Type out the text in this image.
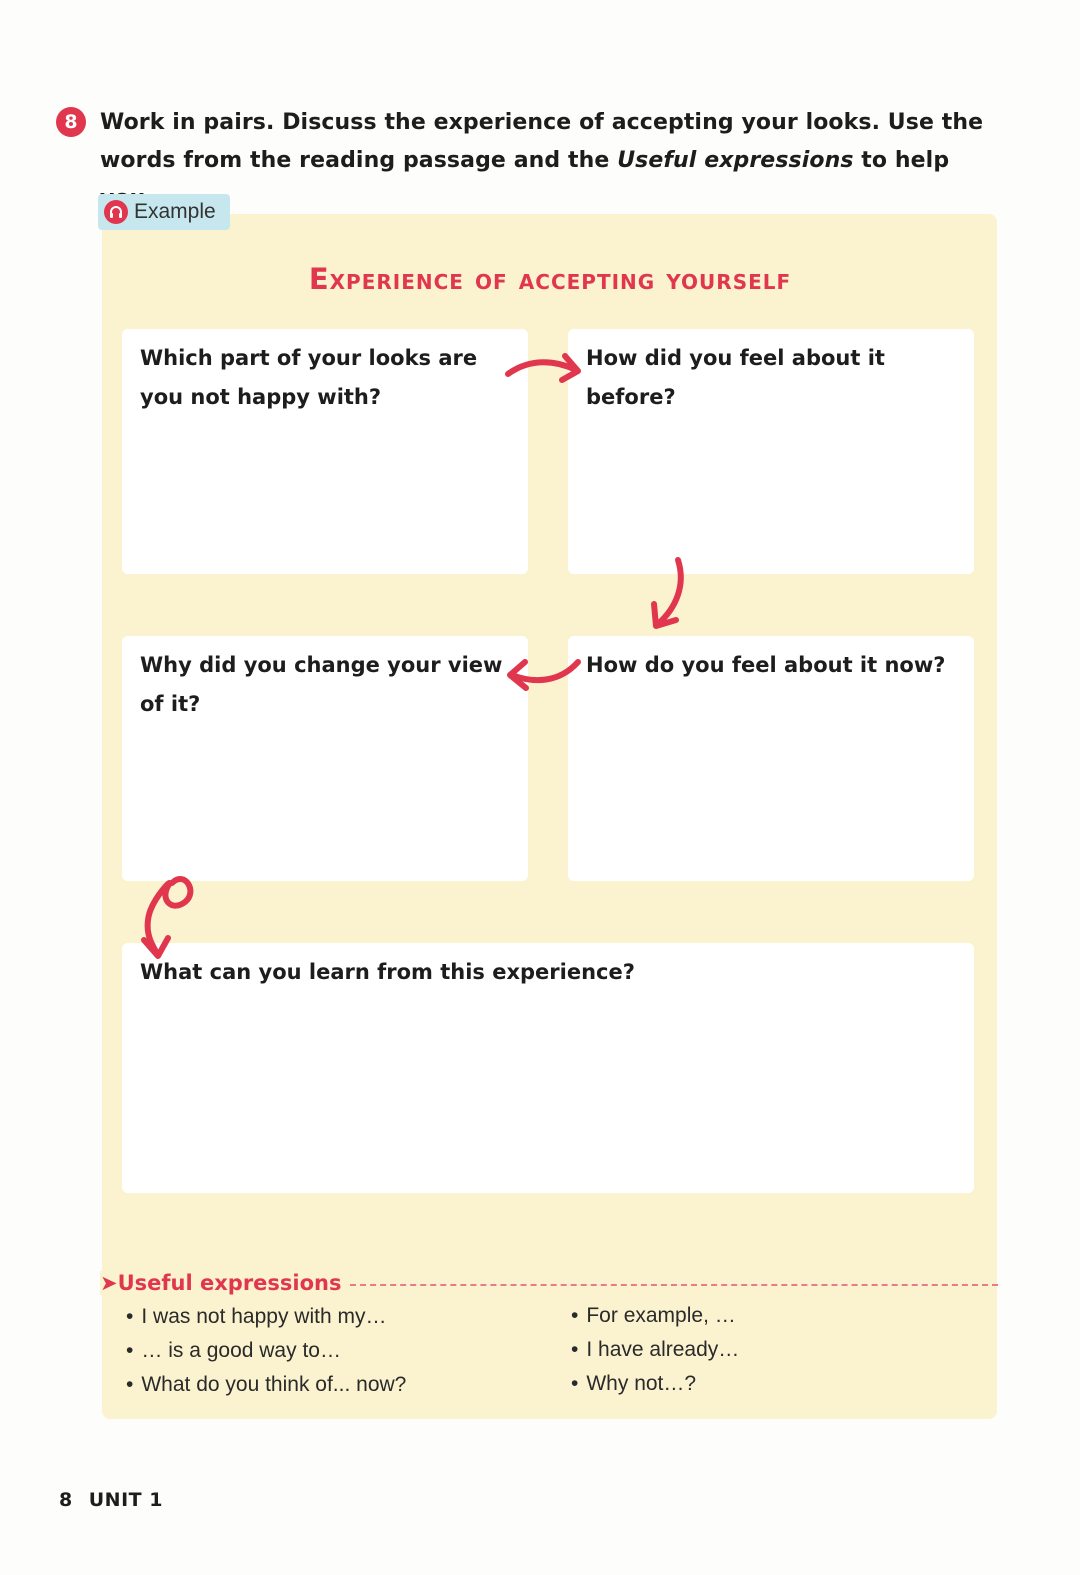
8	Work in pairs. Discuss the experience of accepting your looks. Use the words from the reading passage and the Useful expressions to help
Example
Experience of accepting yourself
Which part of your looks are you not happy with?
How did you feel about it before?
Why did you change your view of it?
How do you feel about it now?
What can you learn from this experience?
➤Useful expressions
• I was not happy with my…
• … is a good way to…
• What do you think of... now?
• For example, …
• I have already…
• Why not…?
8 UNIT 1
